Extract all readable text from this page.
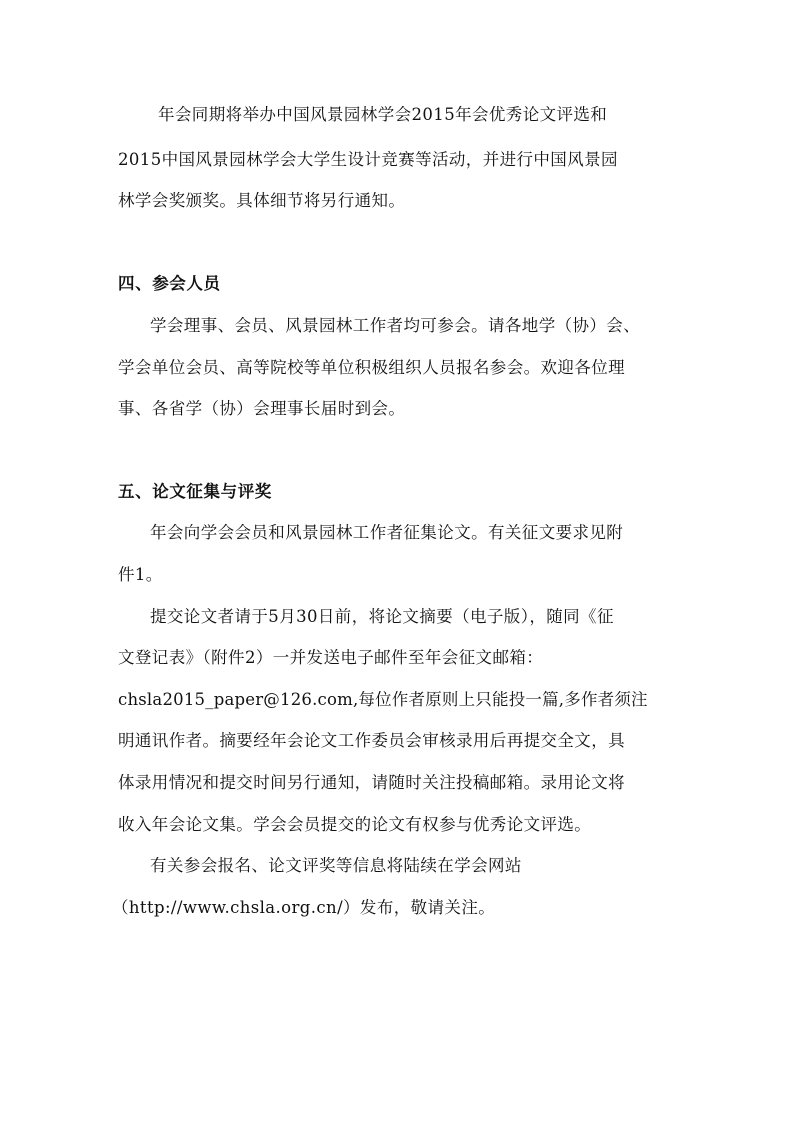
年会同期将举办中国风景园林学会2015年会优秀论文评选和
2015中国风景园林学会大学生设计竞赛等活动，并进行中国风景园
林学会奖颁奖。具体细节将另行通知。
四、参会人员
学会理事、会员、风景园林工作者均可参会。请各地学（协）会、
学会单位会员、高等院校等单位积极组织人员报名参会。欢迎各位理
事、各省学（协）会理事长届时到会。
五、论文征集与评奖
年会向学会会员和风景园林工作者征集论文。有关征文要求见附
件1。
提交论文者请于5月30日前，将论文摘要（电子版），随同《征
文登记表》（附件2）一并发送电子邮件至年会征文邮箱：
chsla2015_paper@126.com,每位作者原则上只能投一篇,多作者须注
明通讯作者。摘要经年会论文工作委员会审核录用后再提交全文，具
体录用情况和提交时间另行通知，请随时关注投稿邮箱。录用论文将
收入年会论文集。学会会员提交的论文有权参与优秀论文评选。
有关参会报名、论文评奖等信息将陆续在学会网站
（http://www.chsla.org.cn/）发布，敬请关注。
